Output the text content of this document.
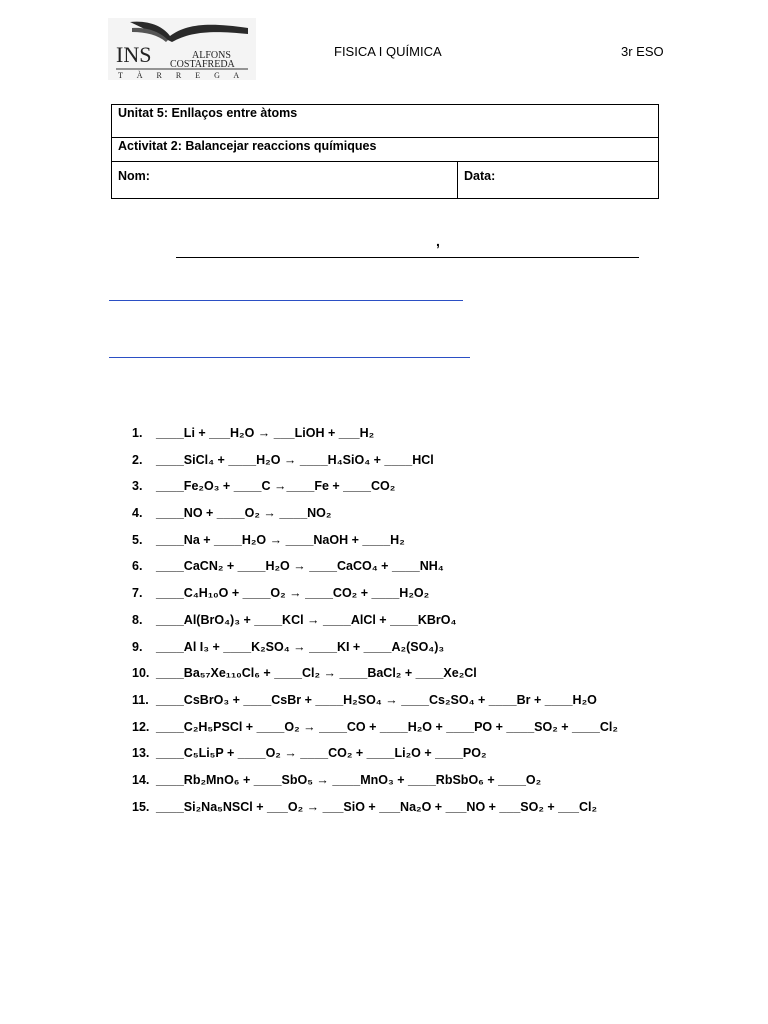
INS	ALFONS
COSTAFREDA
T À R R E G A
FISICA I QUÍMICA	3r ESO
Unitat 5: Enllaços entre àtoms
Activitat 2: Balancejar reaccions químiques
Nom:	Data:
,
1. ____Li + ___H₂O → ___LiOH + ___H₂
2. ____SiCl₄ + ____H₂O → ____H₄SiO₄ + ____HCl
3. ____Fe₂O₃ + ____C →____Fe + ____CO₂
4. ____NO + ____O₂ → ____NO₂
5. ____Na + ____H₂O → ____NaOH + ____H₂
6. ____CaCN₂ + ____H₂O → ____CaCO₄ + ____NH₄
7. ____C₄H₁₀O + ____O₂ → ____CO₂ + ____H₂O₂
8. ____Al(BrO₄)₃ + ____KCl → ____AlCl + ____KBrO₄
9. ____Al I₃ + ____K₂SO₄ → ____KI + ____A₂(SO₄)₃
10. ____Ba₅₇Xe₁₁₀Cl₆ + ____Cl₂ → ____BaCl₂ + ____Xe₂Cl
11. ____CsBrO₃ + ____CsBr + ____H₂SO₄ → ____Cs₂SO₄ + ____Br + ____H₂O
12. ____C₂H₅PSCl + ____O₂ → ____CO + ____H₂O + ____PO + ____SO₂ + ____Cl₂
13. ____C₅Li₅P + ____O₂ → ____CO₂ + ____Li₂O + ____PO₂
14. ____Rb₂MnO₆ + ____SbO₅ → ____MnO₃ + ____RbSbO₆ + ____O₂
15. ____Si₂Na₅NSCl + ___O₂ → ___SiO + ___Na₂O + ___NO + ___SO₂ + ___Cl₂
